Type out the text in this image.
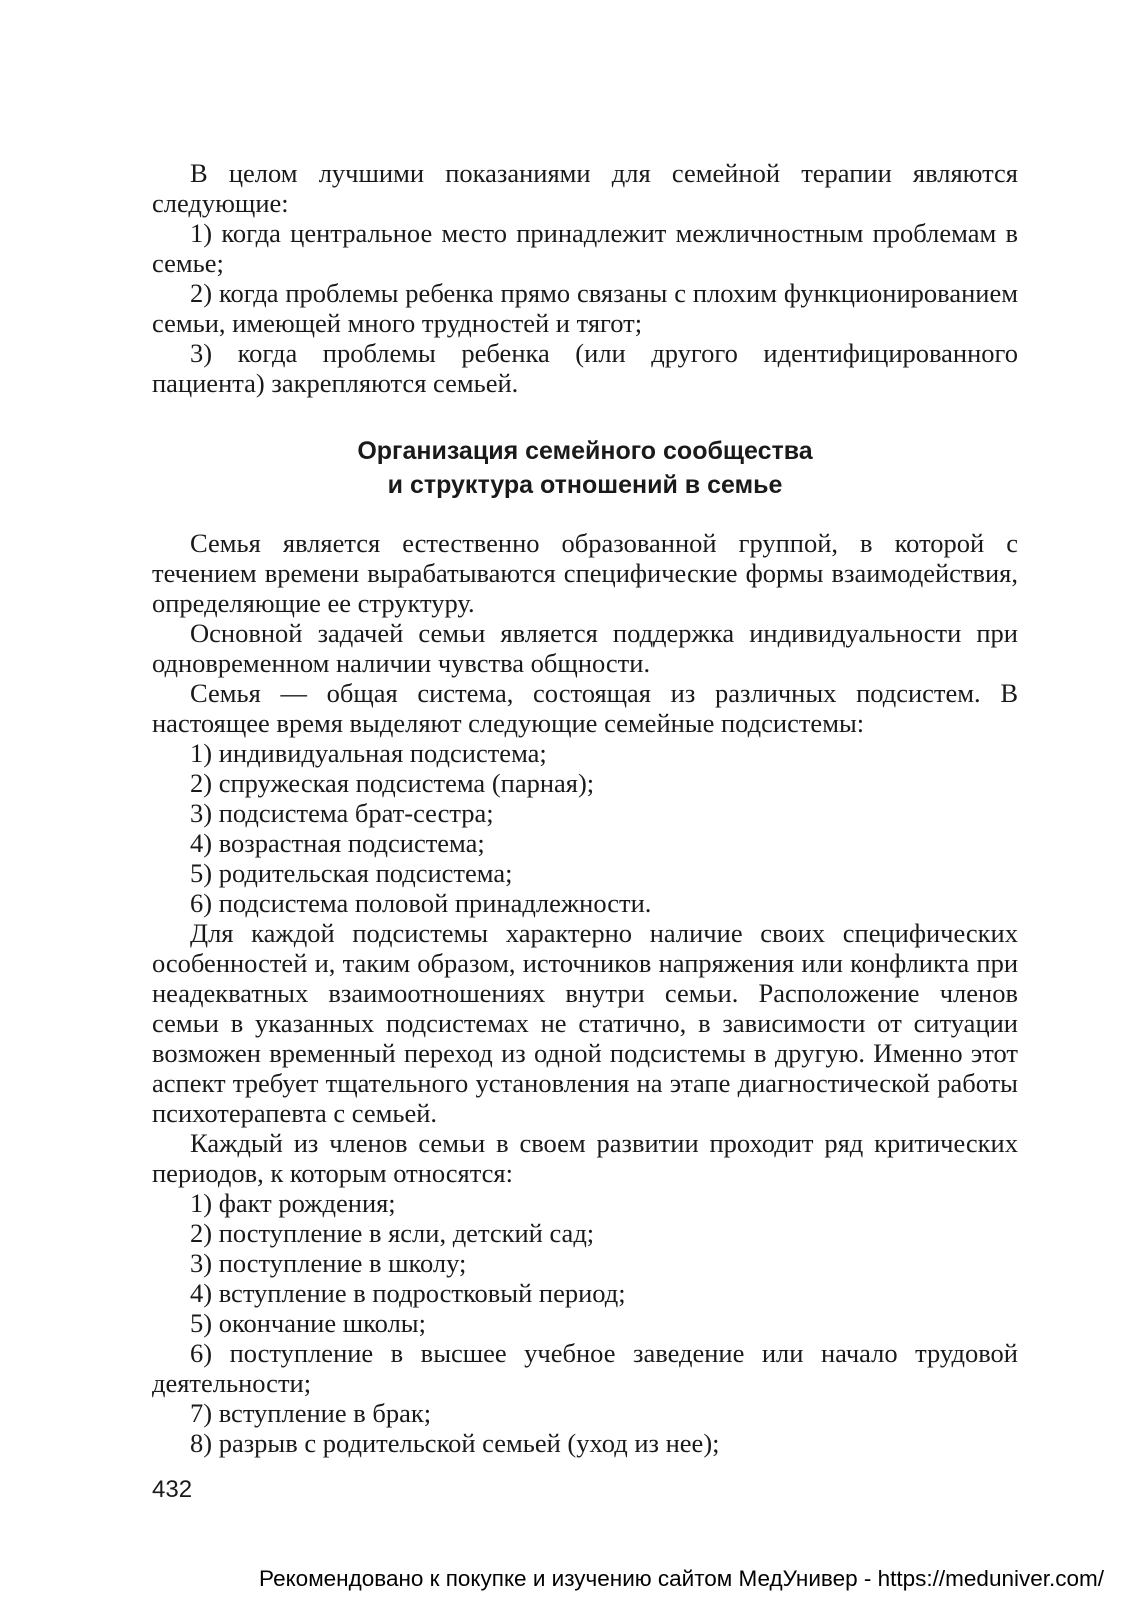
В целом лучшими показаниями для семейной терапии являются следующие:

1) когда центральное место принадлежит межличностным проблемам в семье;

2) когда проблемы ребенка прямо связаны с плохим функционированием семьи, имеющей много трудностей и тягот;

3) когда проблемы ребенка (или другого идентифицированного пациента) закрепляются семьей.

Организация семейного сообщества
и структура отношений в семье

Семья является естественно образованной группой, в которой с течением времени вырабатываются специфические формы взаимодействия, определяющие ее структуру.

Основной задачей семьи является поддержка индивидуальности при одновременном наличии чувства общности.

Семья — общая система, состоящая из различных подсистем. В настоящее время выделяют следующие семейные подсистемы:

1) индивидуальная подсистема;

2) спружеская подсистема (парная);

3) подсистема брат-сестра;

4) возрастная подсистема;

5) родительская подсистема;

6) подсистема половой принадлежности.

Для каждой подсистемы характерно наличие своих специфических особенностей и, таким образом, источников напряжения или конфликта при неадекватных взаимоотношениях внутри семьи. Расположение членов семьи в указанных подсистемах не статично, в зависимости от ситуации возможен временный переход из одной подсистемы в другую. Именно этот аспект требует тщательного установления на этапе диагностической работы психотерапевта с семьей.

Каждый из членов семьи в своем развитии проходит ряд критических периодов, к которым относятся:

1) факт рождения;

2) поступление в ясли, детский сад;

3) поступление в школу;

4) вступление в подростковый период;

5) окончание школы;

6) поступление в высшее учебное заведение или начало трудовой деятельности;

7) вступление в брак;

8) разрыв с родительской семьей (уход из нее);

432
Рекомендовано к покупке и изучению сайтом МедУнивер - https://meduniver.com/
